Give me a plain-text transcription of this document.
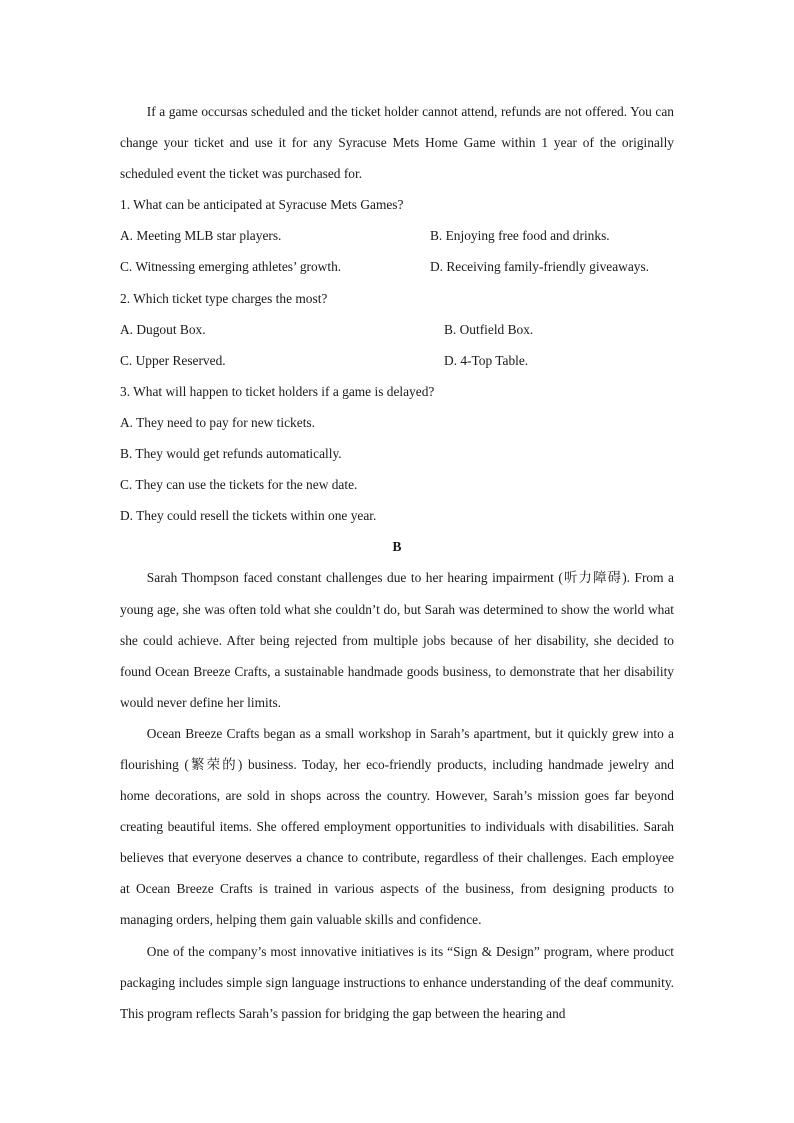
If a game occursas scheduled and the ticket holder cannot attend, refunds are not offered. You can change your ticket and use it for any Syracuse Mets Home Game within 1 year of the originally scheduled event the ticket was purchased for.

1. What can be anticipated at Syracuse Mets Games?

A. Meeting MLB star players.	B. Enjoying free food and drinks.
C. Witnessing emerging athletes’ growth.	D. Receiving family-friendly giveaways.

2. Which ticket type charges the most?

A. Dugout Box.	B. Outfield Box.
C. Upper Reserved.	D. 4-Top Table.

3. What will happen to ticket holders if a game is delayed?

A. They need to pay for new tickets.

B. They would get refunds automatically.

C. They can use the tickets for the new date.

D. They could resell the tickets within one year.

B

Sarah Thompson faced constant challenges due to her hearing impairment (听力障碍). From a young age, she was often told what she couldn’t do, but Sarah was determined to show the world what she could achieve. After being rejected from multiple jobs because of her disability, she decided to found Ocean Breeze Crafts, a sustainable handmade goods business, to demonstrate that her disability would never define her limits.

Ocean Breeze Crafts began as a small workshop in Sarah’s apartment, but it quickly grew into a flourishing (繁荣的) business. Today, her eco-friendly products, including handmade jewelry and home decorations, are sold in shops across the country. However, Sarah’s mission goes far beyond creating beautiful items. She offered employment opportunities to individuals with disabilities. Sarah believes that everyone deserves a chance to contribute, regardless of their challenges. Each employee at Ocean Breeze Crafts is trained in various aspects of the business, from designing products to managing orders, helping them gain valuable skills and confidence.

One of the company’s most innovative initiatives is its “Sign & Design” program, where product packaging includes simple sign language instructions to enhance understanding of the deaf community. This program reflects Sarah’s passion for bridging the gap between the hearing and
